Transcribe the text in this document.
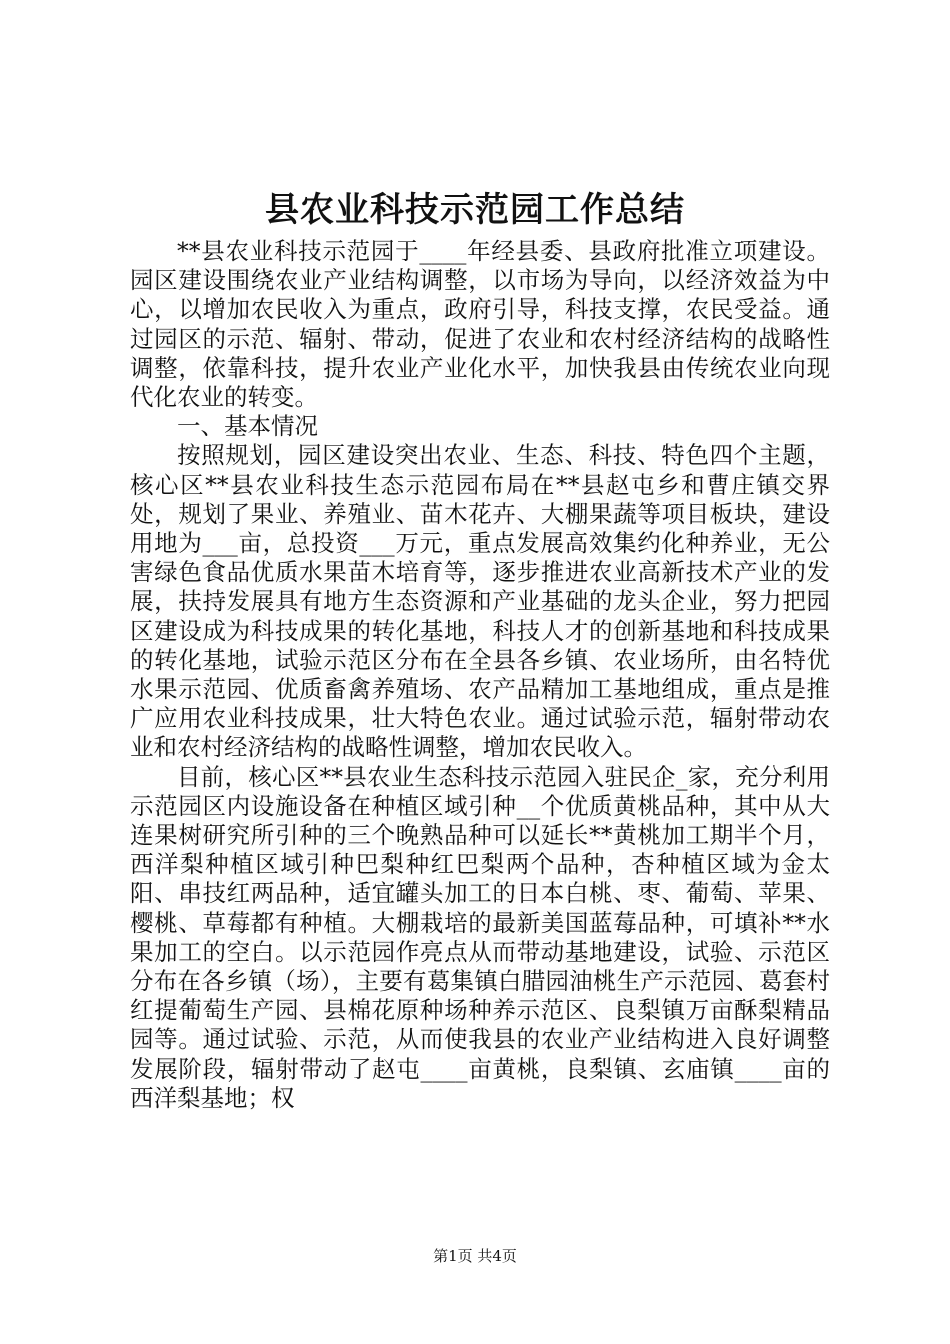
县农业科技示范园工作总结

**县农业科技示范园于____年经县委、县政府批准立项建设。园区建设围绕农业产业结构调整，以市场为导向，以经济效益为中心，以增加农民收入为重点，政府引导，科技支撑，农民受益。通过园区的示范、辐射、带动，促进了农业和农村经济结构的战略性调整，依靠科技，提升农业产业化水平，加快我县由传统农业向现代化农业的转变。

一、基本情况

按照规划，园区建设突出农业、生态、科技、特色四个主题，核心区**县农业科技生态示范园布局在**县赵屯乡和曹庄镇交界处，规划了果业、养殖业、苗木花卉、大棚果蔬等项目板块，建设用地为___亩，总投资___万元，重点发展高效集约化种养业，无公害绿色食品优质水果苗木培育等，逐步推进农业高新技术产业的发展，扶持发展具有地方生态资源和产业基础的龙头企业，努力把园区建设成为科技成果的转化基地，科技人才的创新基地和科技成果的转化基地，试验示范区分布在全县各乡镇、农业场所，由名特优水果示范园、优质畜禽养殖场、农产品精加工基地组成，重点是推广应用农业科技成果，壮大特色农业。通过试验示范，辐射带动农业和农村经济结构的战略性调整，增加农民收入。

目前，核心区**县农业生态科技示范园入驻民企_家，充分利用示范园区内设施设备在种植区域引种__个优质黄桃品种，其中从大连果树研究所引种的三个晚熟品种可以延长**黄桃加工期半个月，西洋梨种植区域引种巴梨种红巴梨两个品种，杏种植区域为金太阳、串技红两品种，适宜罐头加工的日本白桃、枣、葡萄、苹果、樱桃、草莓都有种植。大棚栽培的最新美国蓝莓品种，可填补**水果加工的空白。以示范园作亮点从而带动基地建设，试验、示范区分布在各乡镇（场），主要有葛集镇白腊园油桃生产示范园、葛套村红提葡萄生产园、县棉花原种场种养示范区、良梨镇万亩酥梨精品园等。通过试验、示范，从而使我县的农业产业结构进入良好调整发展阶段，辐射带动了赵屯____亩黄桃，良梨镇、玄庙镇____亩的西洋梨基地；权

第1页 共4页
